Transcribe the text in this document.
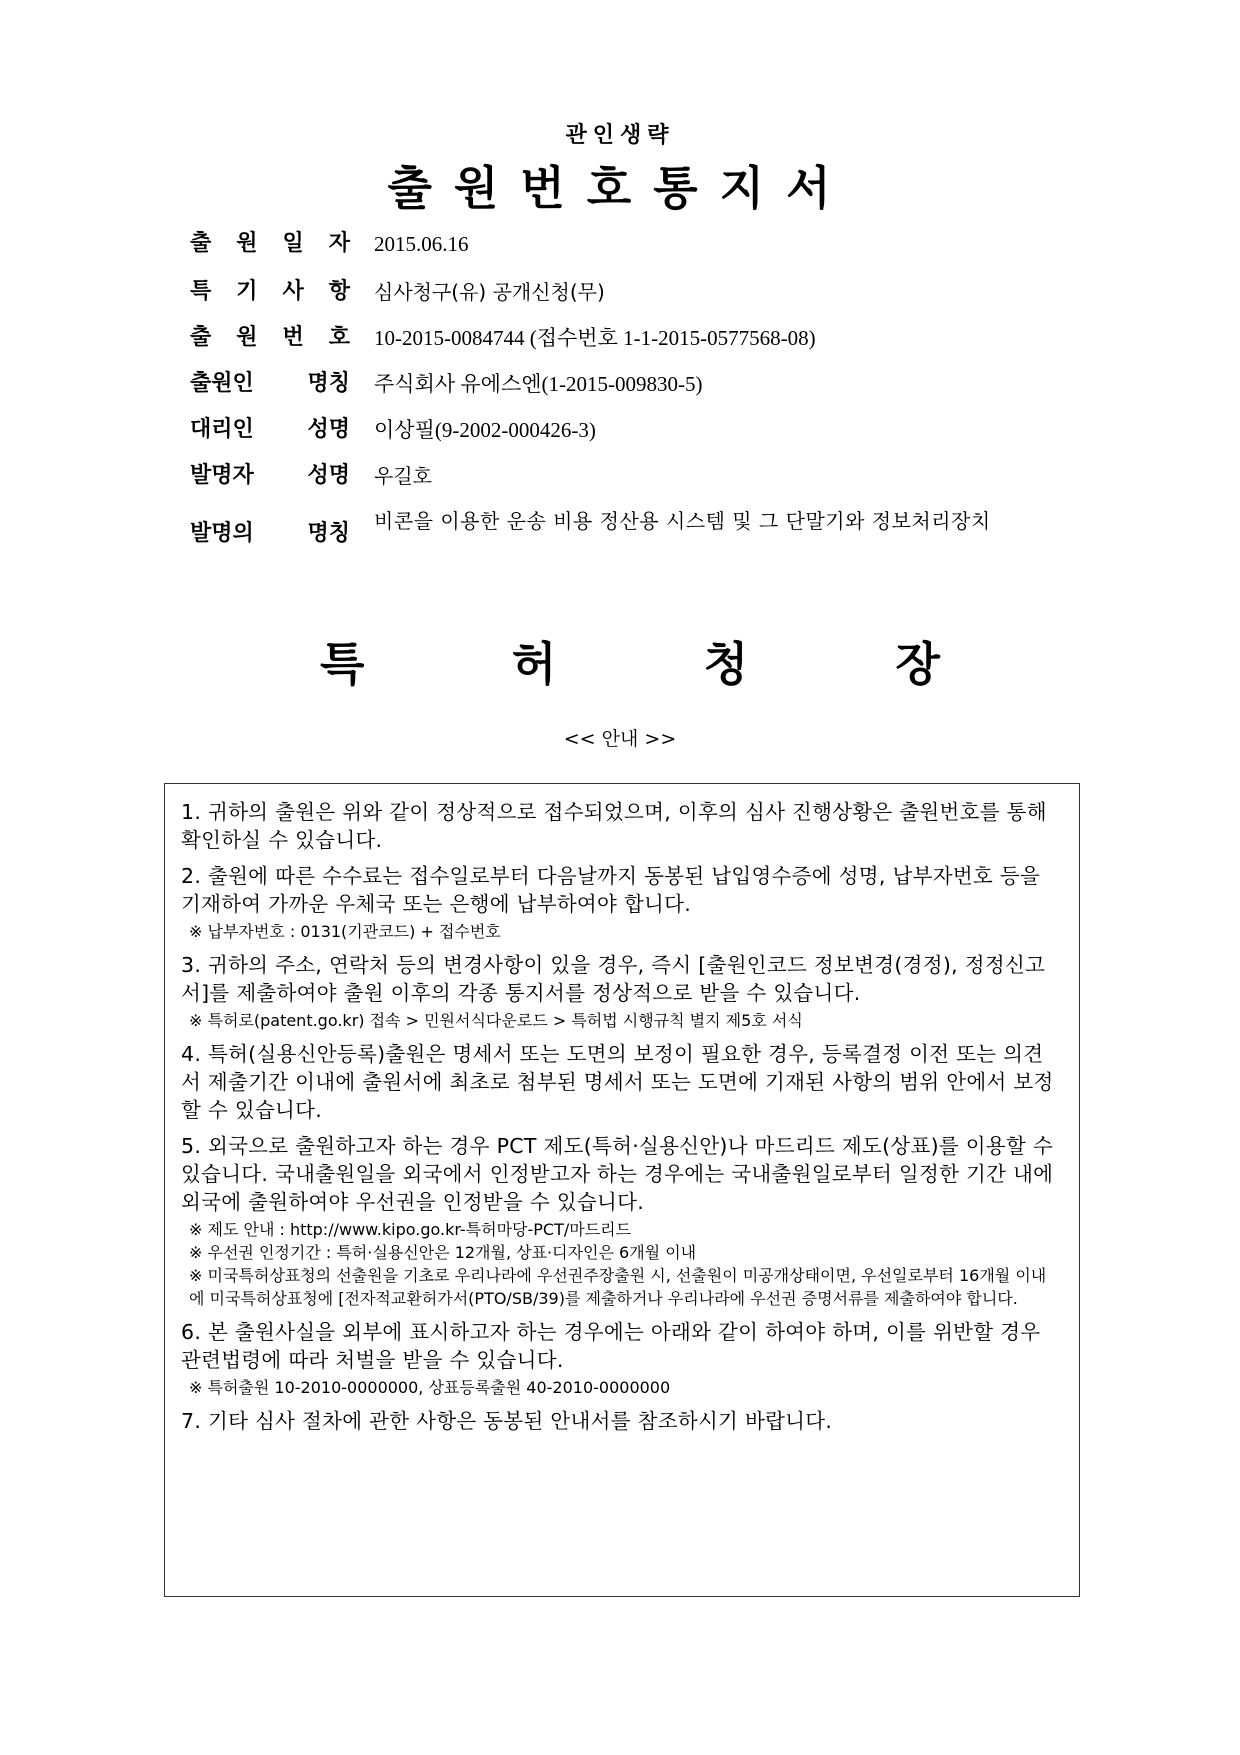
관인생략
출원번호통지서
출 원 일 자 2015.06.16
특 기 사 항 심사청구(유) 공개신청(무)
출 원 번 호 10-2015-0084744 (접수번호 1-1-2015-0577568-08)
출원인 명칭 주식회사 유에스엔(1-2015-009830-5)
대리인 성명 이상필(9-2002-000426-3)
발명자 성명 우길호
발명의 명칭 비콘을 이용한 운송 비용 정산용 시스템 및 그 단말기와 정보처리장치
특	허	청	장
<< 안내 >>
1. 귀하의 출원은 위와 같이 정상적으로 접수되었으며, 이후의 심사 진행상황은 출원번호를 통해 확인하실 수 있습니다.
2. 출원에 따른 수수료는 접수일로부터 다음날까지 동봉된 납입영수증에 성명, 납부자번호 등을 기재하여 가까운 우체국 또는 은행에 납부하여야 합니다.
※ 납부자번호 : 0131(기관코드) + 접수번호
3. 귀하의 주소, 연락처 등의 변경사항이 있을 경우, 즉시 [출원인코드 정보변경(경정), 정정신고서]를 제출하여야 출원 이후의 각종 통지서를 정상적으로 받을 수 있습니다.
※ 특허로(patent.go.kr) 접속 > 민원서식다운로드 > 특허법 시행규칙 별지 제5호 서식
4. 특허(실용신안등록)출원은 명세서 또는 도면의 보정이 필요한 경우, 등록결정 이전 또는 의견서 제출기간 이내에 출원서에 최초로 첨부된 명세서 또는 도면에 기재된 사항의 범위 안에서 보정할 수 있습니다.
5. 외국으로 출원하고자 하는 경우 PCT 제도(특허·실용신안)나 마드리드 제도(상표)를 이용할 수 있습니다. 국내출원일을 외국에서 인정받고자 하는 경우에는 국내출원일로부터 일정한 기간 내에 외국에 출원하여야 우선권을 인정받을 수 있습니다.
※ 제도 안내 : http://www.kipo.go.kr-특허마당-PCT/마드리드
※ 우선권 인정기간 : 특허·실용신안은 12개월, 상표·디자인은 6개월 이내
※ 미국특허상표청의 선출원을 기초로 우리나라에 우선권주장출원 시, 선출원이 미공개상태이면, 우선일로부터 16개월 이내에 미국특허상표청에 [전자적교환허가서(PTO/SB/39)를 제출하거나 우리나라에 우선권 증명서류를 제출하여야 합니다.
6. 본 출원사실을 외부에 표시하고자 하는 경우에는 아래와 같이 하여야 하며, 이를 위반할 경우 관련법령에 따라 처벌을 받을 수 있습니다.
※ 특허출원 10-2010-0000000, 상표등록출원 40-2010-0000000
7. 기타 심사 절차에 관한 사항은 동봉된 안내서를 참조하시기 바랍니다.
